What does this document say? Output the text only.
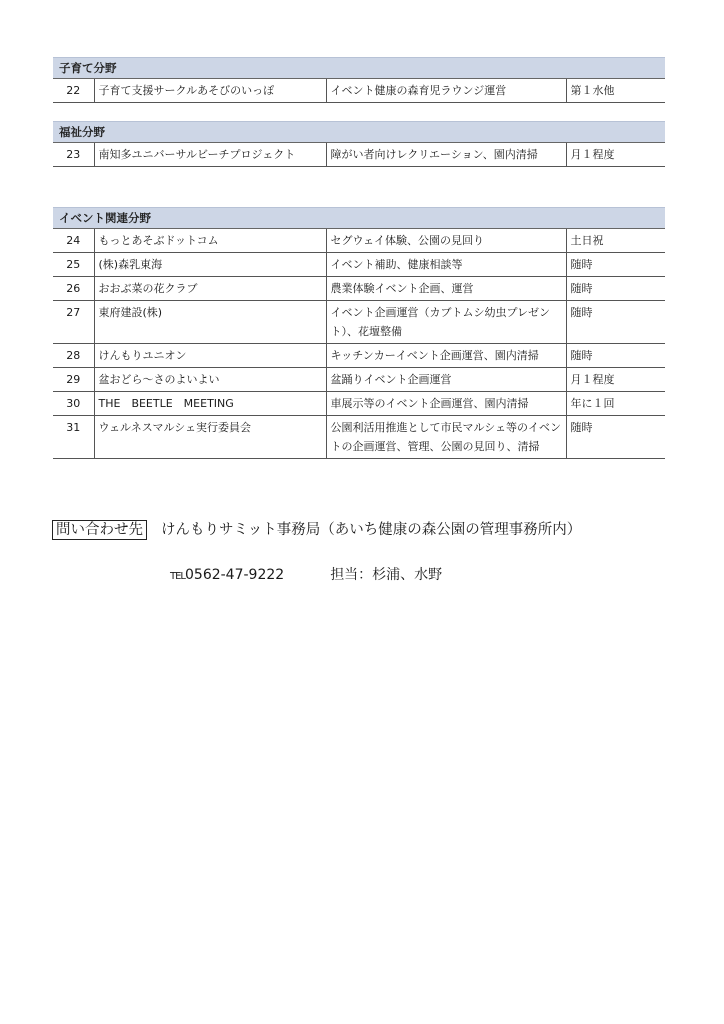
子育て分野
22	子育て支援サークルあそびのいっぽ	イベント健康の森育児ラウンジ運営	第１水他
福祉分野
23	南知多ユニバーサルビーチプロジェクト	障がい者向けレクリエーション、園内清掃	月１程度
イベント関連分野
24	もっとあそぶドットコム	セグウェイ体験、公園の見回り	土日祝
25	(株)森乳東海	イベント補助、健康相談等	随時
26	おおぶ菜の花クラブ	農業体験イベント企画、運営	随時
27	東府建設(株)	イベント企画運営（カブトムシ幼虫プレゼント）、花壇整備	随時
28	けんもりユニオン	キッチンカーイベント企画運営、園内清掃	随時
29	盆おどら～さのよいよい	盆踊りイベント企画運営	月１程度
30	THE　BEETLE　MEETING	車展示等のイベント企画運営、園内清掃	年に１回
31	ウェルネスマルシェ実行委員会	公園利活用推進として市民マルシェ等のイベントの企画運営、管理、公園の見回り、清掃	随時
問い合わせ先 けんもりサミット事務局（あいち健康の森公園の管理事務所内）
TEL0562-47-9222	担当：杉浦、水野
